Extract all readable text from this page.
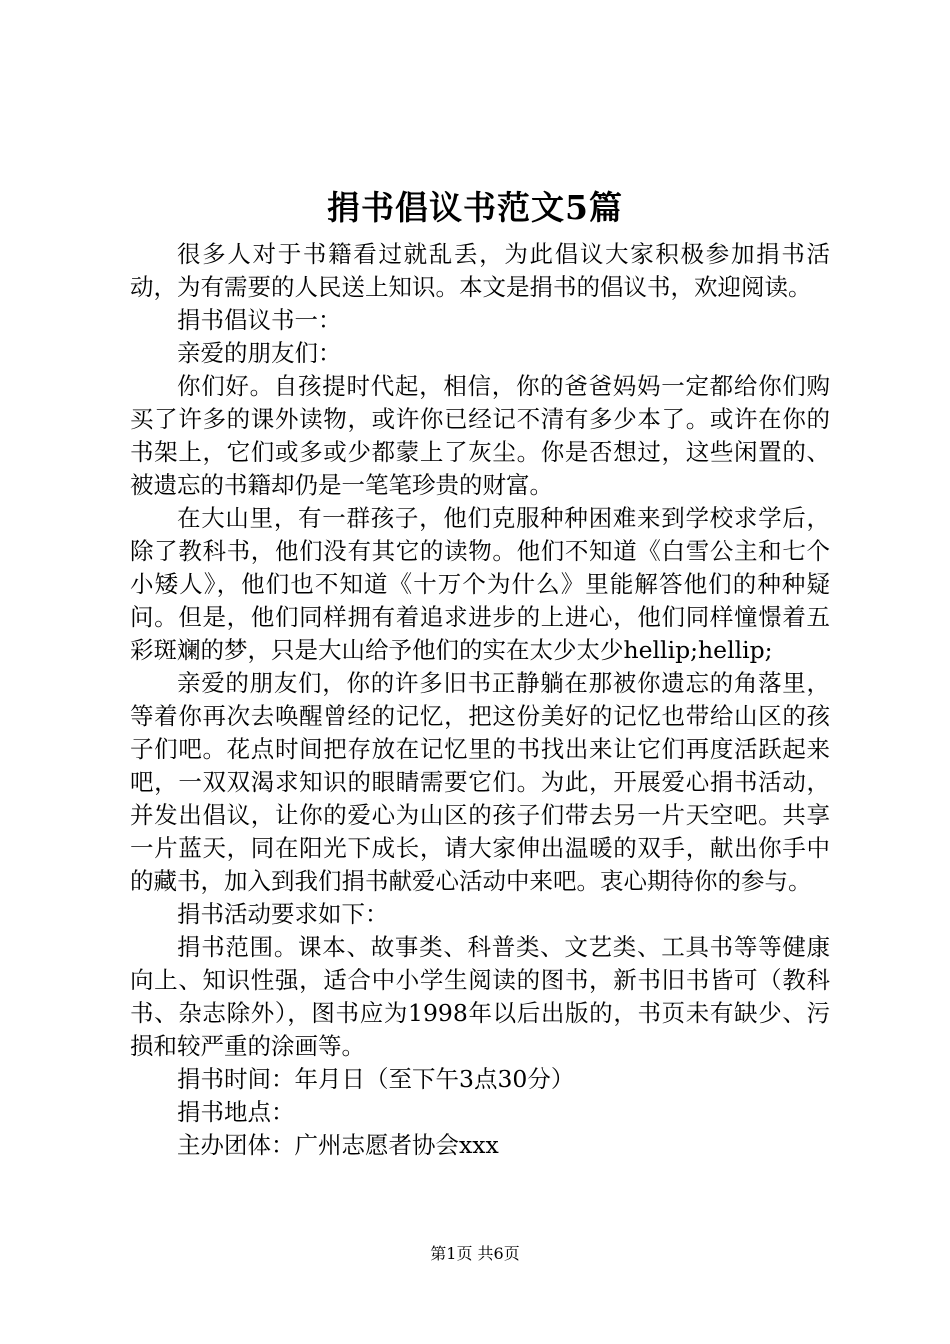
捐书倡议书范文5篇

很多人对于书籍看过就乱丢，为此倡议大家积极参加捐书活动，为有需要的人民送上知识。本文是捐书的倡议书，欢迎阅读。

捐书倡议书一：

亲爱的朋友们：

你们好。自孩提时代起，相信，你的爸爸妈妈一定都给你们购买了许多的课外读物，或许你已经记不清有多少本了。或许在你的书架上，它们或多或少都蒙上了灰尘。你是否想过，这些闲置的、被遗忘的书籍却仍是一笔笔珍贵的财富。

在大山里，有一群孩子，他们克服种种困难来到学校求学后，除了教科书，他们没有其它的读物。他们不知道《白雪公主和七个小矮人》，他们也不知道《十万个为什么》里能解答他们的种种疑问。但是，他们同样拥有着追求进步的上进心，他们同样憧憬着五彩斑斓的梦，只是大山给予他们的实在太少太少hellip;hellip;

亲爱的朋友们，你的许多旧书正静躺在那被你遗忘的角落里，等着你再次去唤醒曾经的记忆，把这份美好的记忆也带给山区的孩子们吧。花点时间把存放在记忆里的书找出来让它们再度活跃起来吧，一双双渴求知识的眼睛需要它们。为此，开展爱心捐书活动，并发出倡议，让你的爱心为山区的孩子们带去另一片天空吧。共享一片蓝天，同在阳光下成长，请大家伸出温暖的双手，献出你手中的藏书，加入到我们捐书献爱心活动中来吧。衷心期待你的参与。

捐书活动要求如下：

捐书范围。课本、故事类、科普类、文艺类、工具书等等健康向上、知识性强，适合中小学生阅读的图书，新书旧书皆可（教科书、杂志除外），图书应为1998年以后出版的，书页未有缺少、污损和较严重的涂画等。

捐书时间：年月日（至下午3点30分）

捐书地点：

主办团体：广州志愿者协会xxx

第1页 共6页
